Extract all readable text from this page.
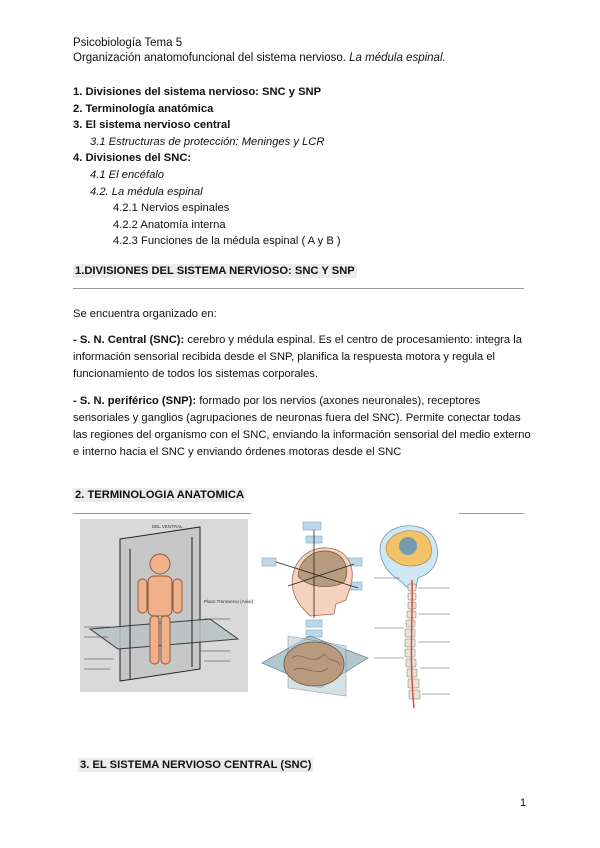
Psicobiología Tema 5
Organización anatomofuncional del sistema nervioso. La médula espinal.
1. Divisiones del sistema nervioso: SNC y SNP
2. Terminología anatómica
3. El sistema nervioso central
3.1 Estructuras de protección: Meninges y LCR
4. Divisiones del SNC:
4.1 El encéfalo
4.2. La médula espinal
4.2.1 Nervios espinales
4.2.2 Anatomía interna
4.2.3 Funciones de la médula espinal ( A y B )
1.DIVISIONES DEL SISTEMA NERVIOSO: SNC Y SNP
Se encuentra organizado en:
- S. N. Central (SNC): cerebro y médula espinal. Es el centro de procesamiento: integra la información sensorial recibida desde el SNP, planifica la respuesta motora y regula el funcionamiento de todos los sistemas corporales.
- S. N. periférico (SNP): formado por los nervios (axones neuronales), receptores sensoriales y ganglios (agrupaciones de neuronas fuera del SNC). Permite conectar todas las regiones del organismo con el SNC, enviando la información sensorial del medio externo e interno hacia el SNC y enviando órdenes motoras desde el SNC
2. TERMINOLOGIA ANATOMICA
DEL VENTRAL
Plano Transverso (Axial)
3. EL SISTEMA NERVIOSO CENTRAL (SNC)
1
